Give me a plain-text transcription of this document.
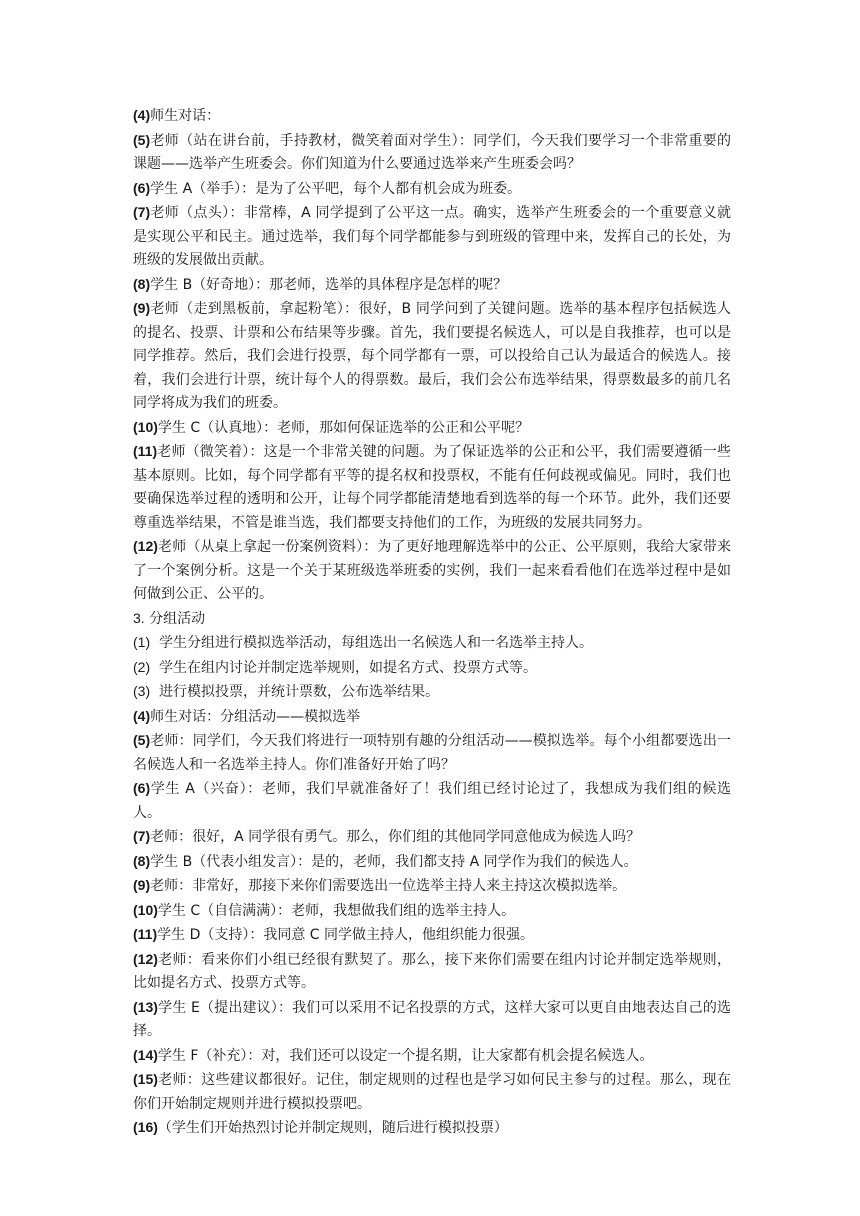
(4)师生对话：

(5)老师（站在讲台前，手持教材，微笑着面对学生）：同学们，今天我们要学习一个非常重要的课题——选举产生班委会。你们知道为什么要通过选举来产生班委会吗？

(6)学生 A（举手）：是为了公平吧，每个人都有机会成为班委。

(7)老师（点头）：非常棒，A 同学提到了公平这一点。确实，选举产生班委会的一个重要意义就是实现公平和民主。通过选举，我们每个同学都能参与到班级的管理中来，发挥自己的长处，为班级的发展做出贡献。

(8)学生 B（好奇地）：那老师，选举的具体程序是怎样的呢？

(9)老师（走到黑板前，拿起粉笔）：很好，B 同学问到了关键问题。选举的基本程序包括候选人的提名、投票、计票和公布结果等步骤。首先，我们要提名候选人，可以是自我推荐，也可以是同学推荐。然后，我们会进行投票，每个同学都有一票，可以投给自己认为最适合的候选人。接着，我们会进行计票，统计每个人的得票数。最后，我们会公布选举结果，得票数最多的前几名同学将成为我们的班委。

(10)学生 C（认真地）：老师，那如何保证选举的公正和公平呢？

(11)老师（微笑着）：这是一个非常关键的问题。为了保证选举的公正和公平，我们需要遵循一些基本原则。比如，每个同学都有平等的提名权和投票权，不能有任何歧视或偏见。同时，我们也要确保选举过程的透明和公开，让每个同学都能清楚地看到选举的每一个环节。此外，我们还要尊重选举结果，不管是谁当选，我们都要支持他们的工作，为班级的发展共同努力。

(12)老师（从桌上拿起一份案例资料）：为了更好地理解选举中的公正、公平原则，我给大家带来了一个案例分析。这是一个关于某班级选举班委的实例，我们一起来看看他们在选举过程中是如何做到公正、公平的。

3. 分组活动

(1)  学生分组进行模拟选举活动，每组选出一名候选人和一名选举主持人。

(2)  学生在组内讨论并制定选举规则，如提名方式、投票方式等。

(3)  进行模拟投票，并统计票数，公布选举结果。

(4)师生对话：分组活动——模拟选举

(5)老师：同学们，今天我们将进行一项特别有趣的分组活动——模拟选举。每个小组都要选出一名候选人和一名选举主持人。你们准备好开始了吗？

(6)学生 A（兴奋）：老师，我们早就准备好了！我们组已经讨论过了，我想成为我们组的候选人。

(7)老师：很好，A 同学很有勇气。那么，你们组的其他同学同意他成为候选人吗？

(8)学生 B（代表小组发言）：是的，老师，我们都支持 A 同学作为我们的候选人。

(9)老师：非常好，那接下来你们需要选出一位选举主持人来主持这次模拟选举。

(10)学生 C（自信满满）：老师，我想做我们组的选举主持人。

(11)学生 D（支持）：我同意 C 同学做主持人，他组织能力很强。

(12)老师：看来你们小组已经很有默契了。那么，接下来你们需要在组内讨论并制定选举规则，比如提名方式、投票方式等。

(13)学生 E（提出建议）：我们可以采用不记名投票的方式，这样大家可以更自由地表达自己的选择。

(14)学生 F（补充）：对，我们还可以设定一个提名期，让大家都有机会提名候选人。

(15)老师：这些建议都很好。记住，制定规则的过程也是学习如何民主参与的过程。那么，现在你们开始制定规则并进行模拟投票吧。

(16)（学生们开始热烈讨论并制定规则，随后进行模拟投票）
